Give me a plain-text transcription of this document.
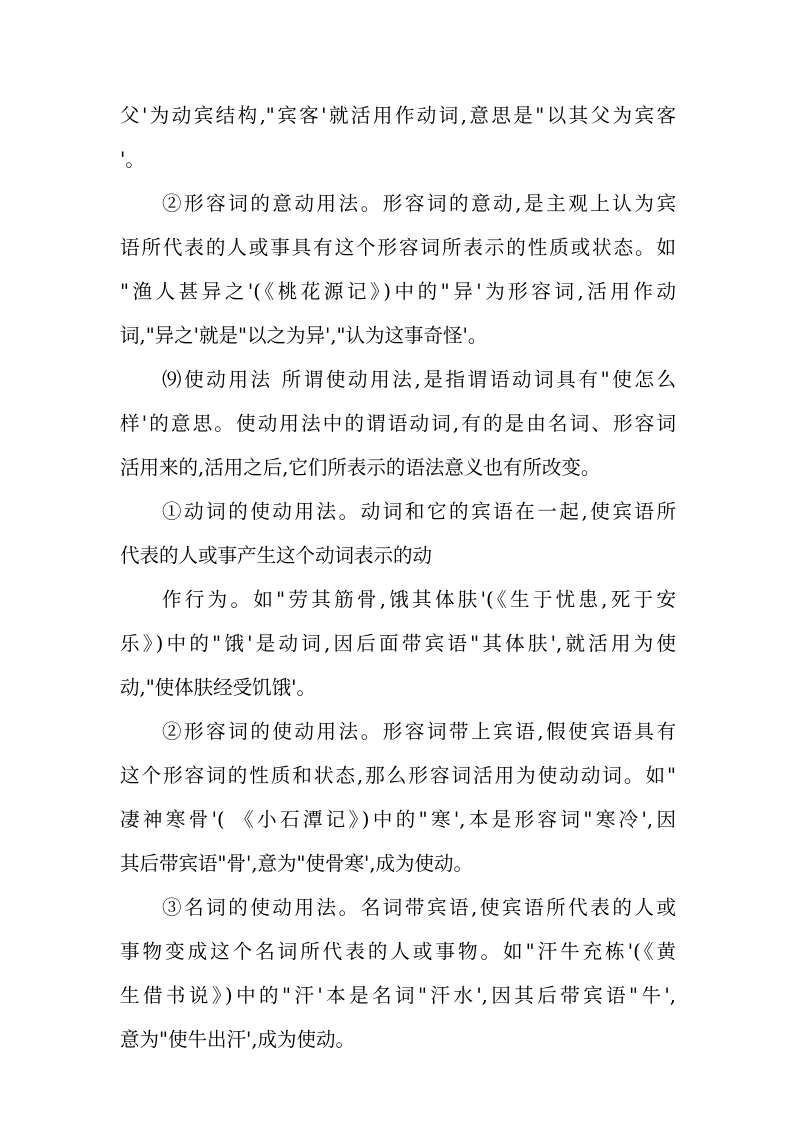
父'为动宾结构,"宾客'就活用作动词,意思是"以其父为宾客
'。
②形容词的意动用法。形容词的意动,是主观上认为宾
语所代表的人或事具有这个形容词所表示的性质或状态。如
"渔人甚异之'(《桃花源记》)中的"异'为形容词,活用作动
词,"异之'就是"以之为异',"认为这事奇怪'。
⑼使动用法 所谓使动用法,是指谓语动词具有"使怎么
样'的意思。使动用法中的谓语动词,有的是由名词、形容词
活用来的,活用之后,它们所表示的语法意义也有所改变。
①动词的使动用法。动词和它的宾语在一起,使宾语所
代表的人或事产生这个动词表示的动
作行为。如"劳其筋骨,饿其体肤'(《生于忧患,死于安
乐》)中的"饿'是动词,因后面带宾语"其体肤',就活用为使
动,"使体肤经受饥饿'。
②形容词的使动用法。形容词带上宾语,假使宾语具有
这个形容词的性质和状态,那么形容词活用为使动动词。如"
凄神寒骨'( 《小石潭记》)中的"寒',本是形容词"寒冷',因
其后带宾语"骨',意为"使骨寒',成为使动。
③名词的使动用法。名词带宾语,使宾语所代表的人或
事物变成这个名词所代表的人或事物。如"汗牛充栋'(《黄
生借书说》)中的"汗'本是名词"汗水',因其后带宾语"牛',
意为"使牛出汗',成为使动。
